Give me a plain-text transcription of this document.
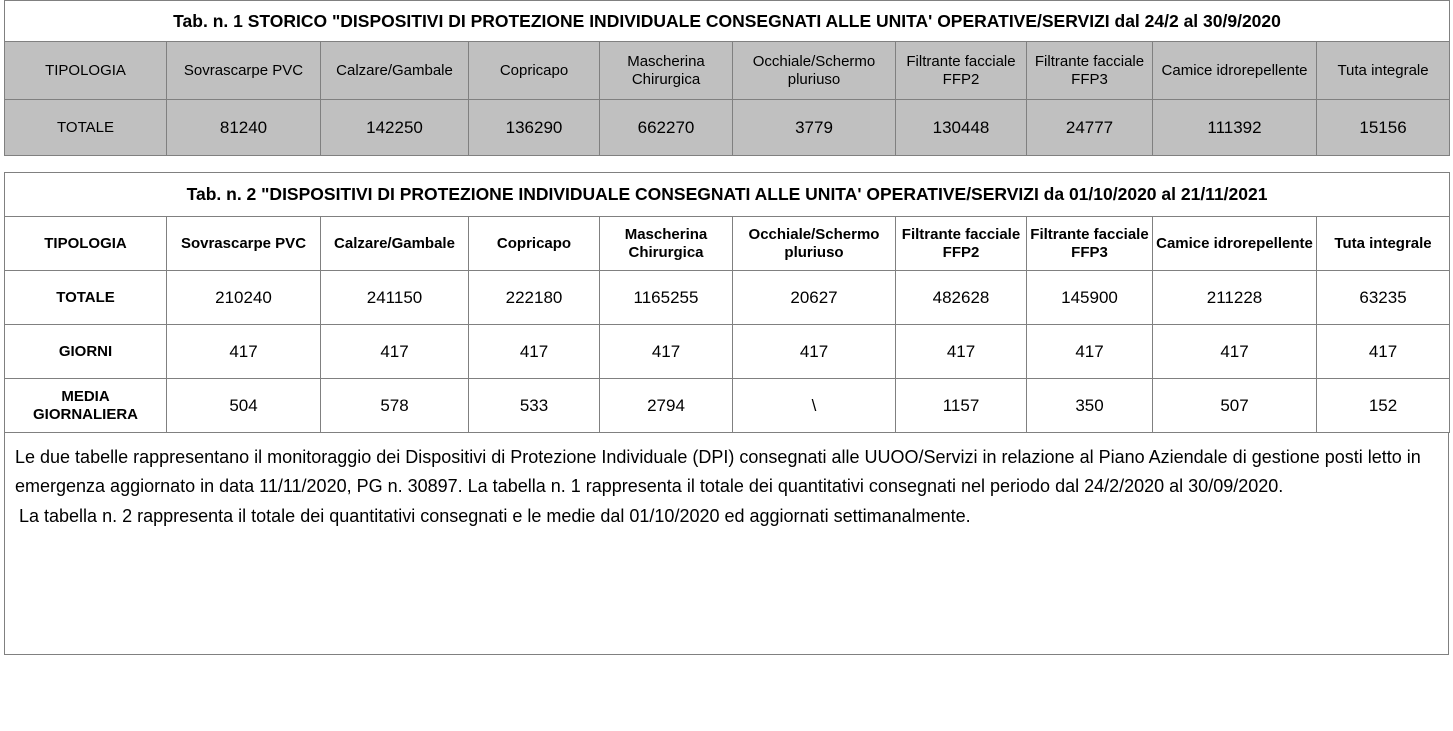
Tab. n. 1 STORICO "DISPOSITIVI DI PROTEZIONE INDIVIDUALE CONSEGNATI ALLE UNITA' OPERATIVE/SERVIZI dal 24/2 al 30/9/2020									
TIPOLOGIA	Sovrascarpe PVC	Calzare/Gambale	Copricapo	Mascherina Chirurgica	Occhiale/Schermo pluriuso	Filtrante facciale FFP2	Filtrante facciale FFP3	Camice idrorepellente	Tuta integrale
TOTALE	81240	142250	136290	662270	3779	130448	24777	111392	15156
Tab. n. 2 "DISPOSITIVI DI PROTEZIONE INDIVIDUALE CONSEGNATI ALLE UNITA' OPERATIVE/SERVIZI da 01/10/2020 al 21/11/2021									
TIPOLOGIA	Sovrascarpe PVC	Calzare/Gambale	Copricapo	Mascherina Chirurgica	Occhiale/Schermo pluriuso	Filtrante facciale FFP2	Filtrante facciale FFP3	Camice idrorepellente	Tuta integrale
TOTALE	210240	241150	222180	1165255	20627	482628	145900	211228	63235
GIORNI	417	417	417	417	417	417	417	417	417
MEDIA GIORNALIERA	504	578	533	2794	\	1157	350	507	152

Le due tabelle rappresentano il monitoraggio dei Dispositivi di Protezione Individuale (DPI) consegnati alle UUOO/Servizi in relazione al Piano Aziendale di gestione posti letto in emergenza aggiornato in data 11/11/2020, PG n. 30897. La tabella n. 1 rappresenta il totale dei quantitativi consegnati nel periodo dal 24/2/2020 al 30/09/2020.

La tabella n. 2 rappresenta il totale dei quantitativi consegnati e le medie dal 01/10/2020 ed aggiornati settimanalmente.
